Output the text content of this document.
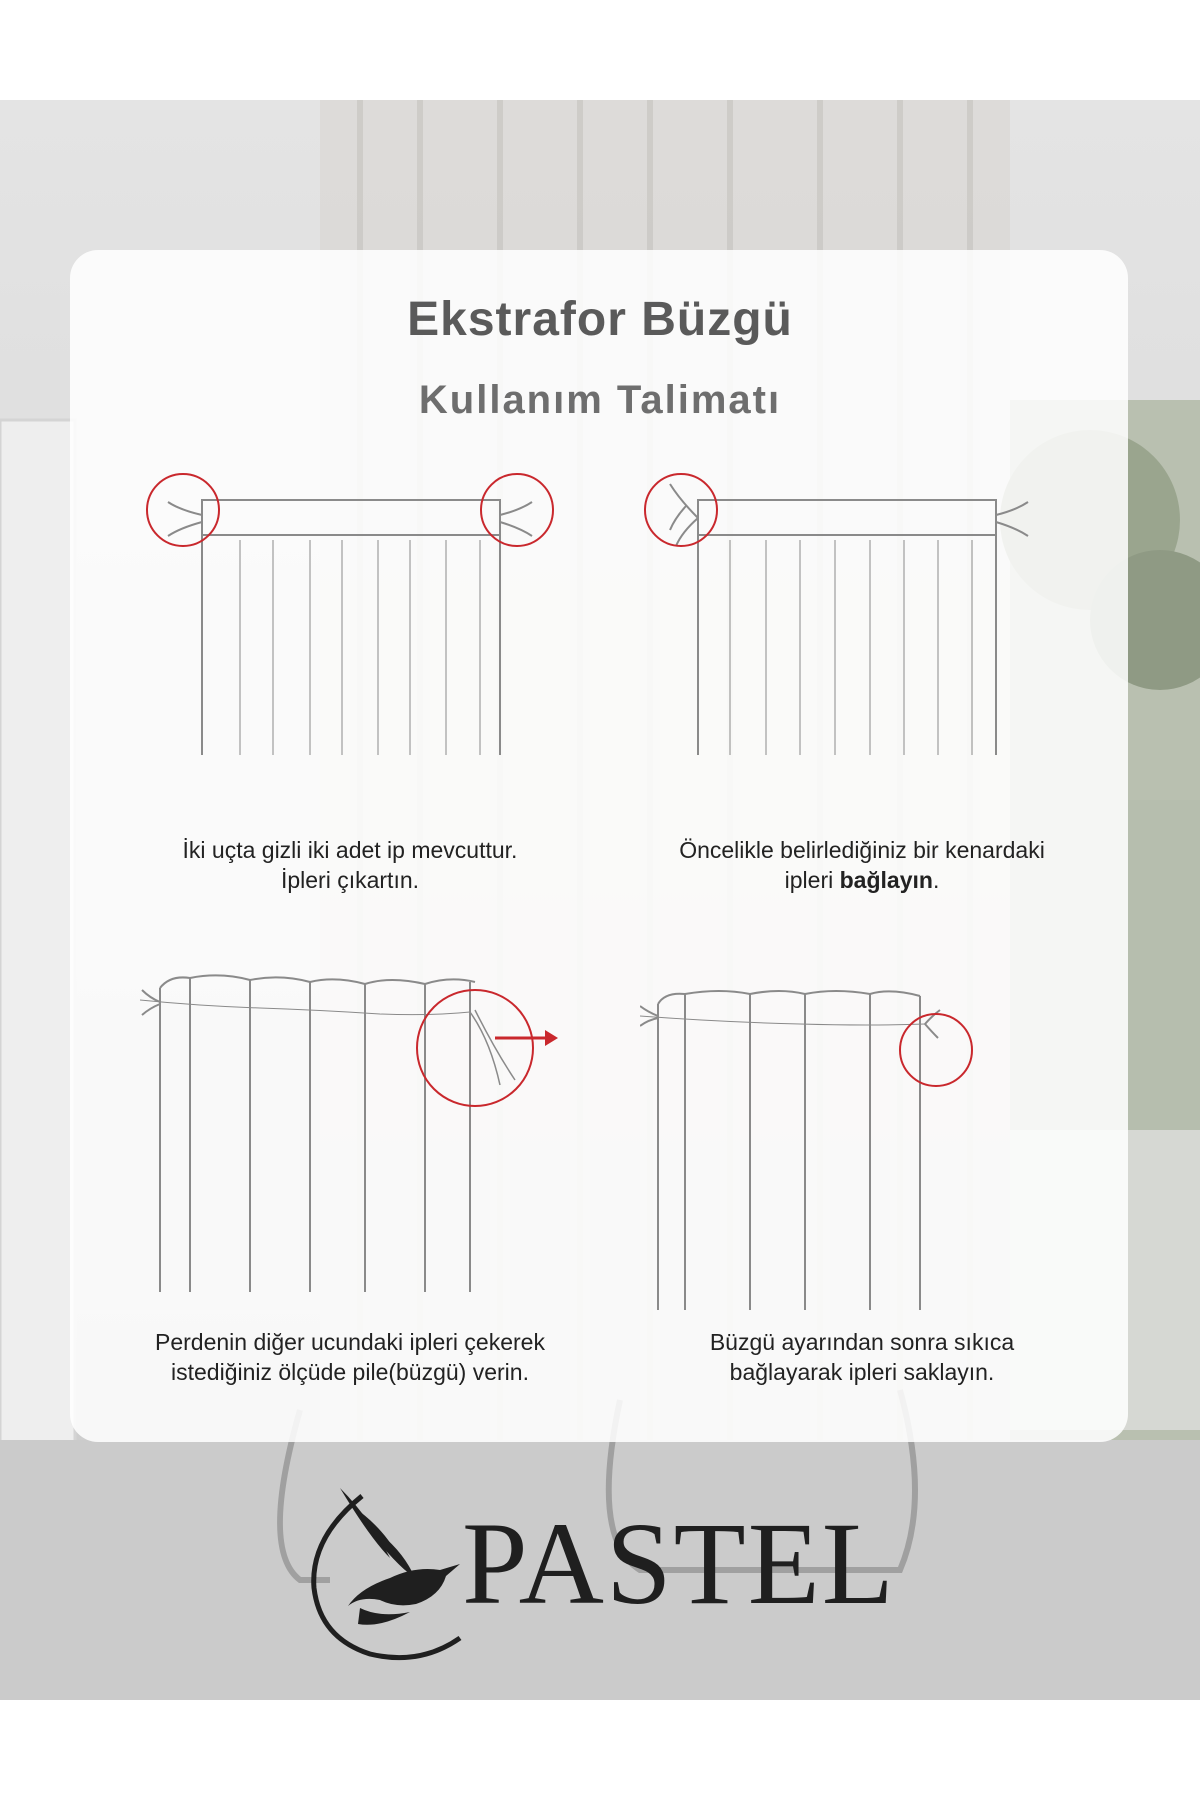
Ekstrafor Büzgü
Kullanım Talimatı

İki uçta gizli iki adet ip mevcuttur.
İpleri çıkartın.

Öncelikle belirlediğiniz bir kenardaki
ipleri bağlayın.

Perdenin diğer ucundaki ipleri çekerek
istediğiniz ölçüde pile(büzgü) verin.

Büzgü ayarından sonra sıkıca
bağlayarak ipleri saklayın.

PASTEL
